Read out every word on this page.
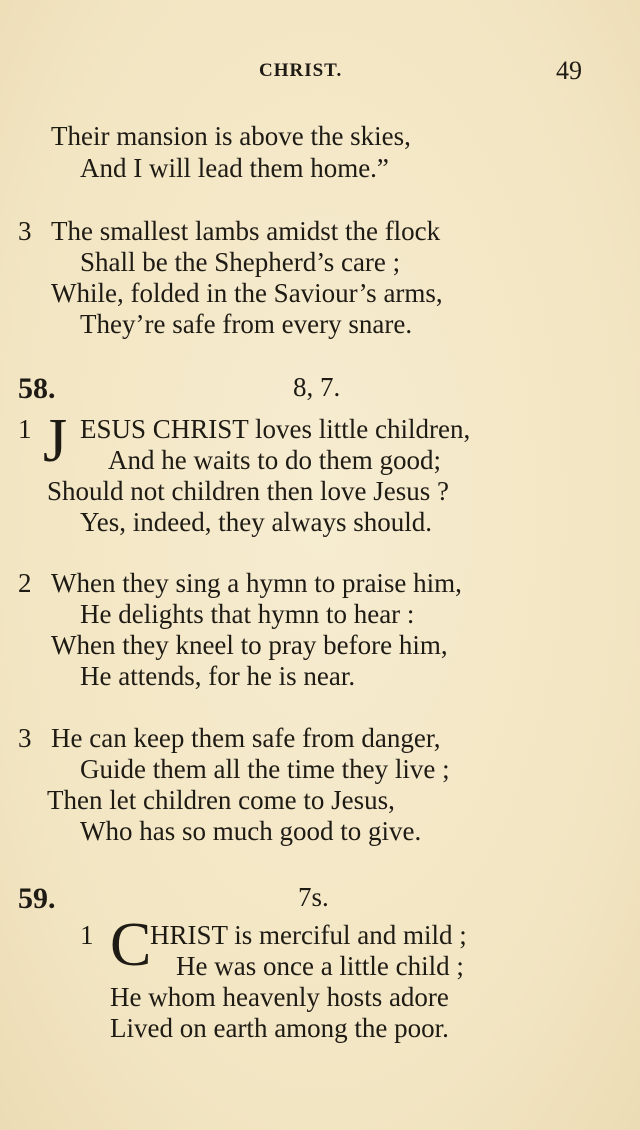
CHRIST.	49
Their mansion is above the skies,
And I will lead them home.”
3 The smallest lambs amidst the flock
Shall be the Shepherd’s care ;
While, folded in the Saviour’s arms,
They’re safe from every snare.
58.	8, 7.
1 J ESUS CHRIST loves little children,
And he waits to do them good;
Should not children then love Jesus ?
Yes, indeed, they always should.
2 When they sing a hymn to praise him,
He delights that hymn to hear :
When they kneel to pray before him,
He attends, for he is near.
3 He can keep them safe from danger,
Guide them all the time they live ;
Then let children come to Jesus,
Who has so much good to give.
59.	7s.
1 C
HRIST is merciful and mild ;
He was once a little child ;
He whom heavenly hosts adore
Lived on earth among the poor.
